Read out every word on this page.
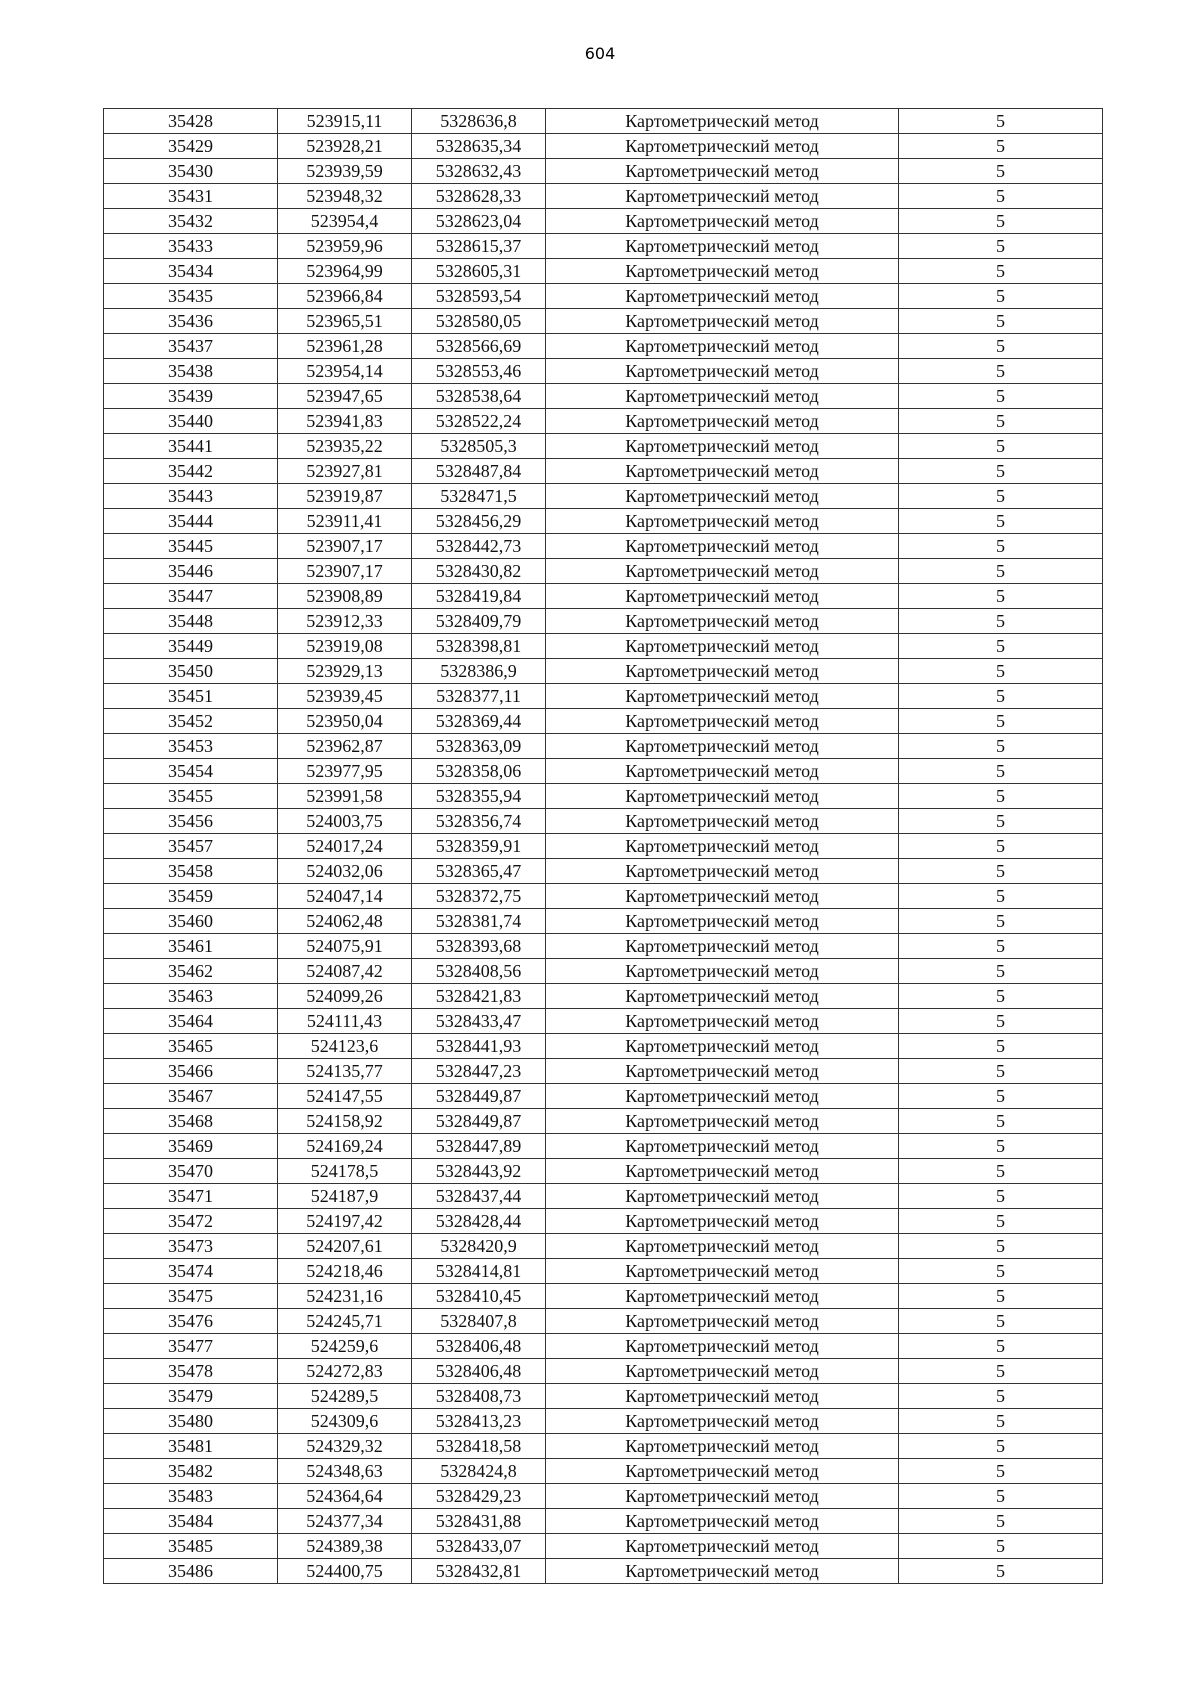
604
35428	523915,11	5328636,8	Картометрический метод	5
35429	523928,21	5328635,34	Картометрический метод	5
35430	523939,59	5328632,43	Картометрический метод	5
35431	523948,32	5328628,33	Картометрический метод	5
35432	523954,4	5328623,04	Картометрический метод	5
35433	523959,96	5328615,37	Картометрический метод	5
35434	523964,99	5328605,31	Картометрический метод	5
35435	523966,84	5328593,54	Картометрический метод	5
35436	523965,51	5328580,05	Картометрический метод	5
35437	523961,28	5328566,69	Картометрический метод	5
35438	523954,14	5328553,46	Картометрический метод	5
35439	523947,65	5328538,64	Картометрический метод	5
35440	523941,83	5328522,24	Картометрический метод	5
35441	523935,22	5328505,3	Картометрический метод	5
35442	523927,81	5328487,84	Картометрический метод	5
35443	523919,87	5328471,5	Картометрический метод	5
35444	523911,41	5328456,29	Картометрический метод	5
35445	523907,17	5328442,73	Картометрический метод	5
35446	523907,17	5328430,82	Картометрический метод	5
35447	523908,89	5328419,84	Картометрический метод	5
35448	523912,33	5328409,79	Картометрический метод	5
35449	523919,08	5328398,81	Картометрический метод	5
35450	523929,13	5328386,9	Картометрический метод	5
35451	523939,45	5328377,11	Картометрический метод	5
35452	523950,04	5328369,44	Картометрический метод	5
35453	523962,87	5328363,09	Картометрический метод	5
35454	523977,95	5328358,06	Картометрический метод	5
35455	523991,58	5328355,94	Картометрический метод	5
35456	524003,75	5328356,74	Картометрический метод	5
35457	524017,24	5328359,91	Картометрический метод	5
35458	524032,06	5328365,47	Картометрический метод	5
35459	524047,14	5328372,75	Картометрический метод	5
35460	524062,48	5328381,74	Картометрический метод	5
35461	524075,91	5328393,68	Картометрический метод	5
35462	524087,42	5328408,56	Картометрический метод	5
35463	524099,26	5328421,83	Картометрический метод	5
35464	524111,43	5328433,47	Картометрический метод	5
35465	524123,6	5328441,93	Картометрический метод	5
35466	524135,77	5328447,23	Картометрический метод	5
35467	524147,55	5328449,87	Картометрический метод	5
35468	524158,92	5328449,87	Картометрический метод	5
35469	524169,24	5328447,89	Картометрический метод	5
35470	524178,5	5328443,92	Картометрический метод	5
35471	524187,9	5328437,44	Картометрический метод	5
35472	524197,42	5328428,44	Картометрический метод	5
35473	524207,61	5328420,9	Картометрический метод	5
35474	524218,46	5328414,81	Картометрический метод	5
35475	524231,16	5328410,45	Картометрический метод	5
35476	524245,71	5328407,8	Картометрический метод	5
35477	524259,6	5328406,48	Картометрический метод	5
35478	524272,83	5328406,48	Картометрический метод	5
35479	524289,5	5328408,73	Картометрический метод	5
35480	524309,6	5328413,23	Картометрический метод	5
35481	524329,32	5328418,58	Картометрический метод	5
35482	524348,63	5328424,8	Картометрический метод	5
35483	524364,64	5328429,23	Картометрический метод	5
35484	524377,34	5328431,88	Картометрический метод	5
35485	524389,38	5328433,07	Картометрический метод	5
35486	524400,75	5328432,81	Картометрический метод	5
